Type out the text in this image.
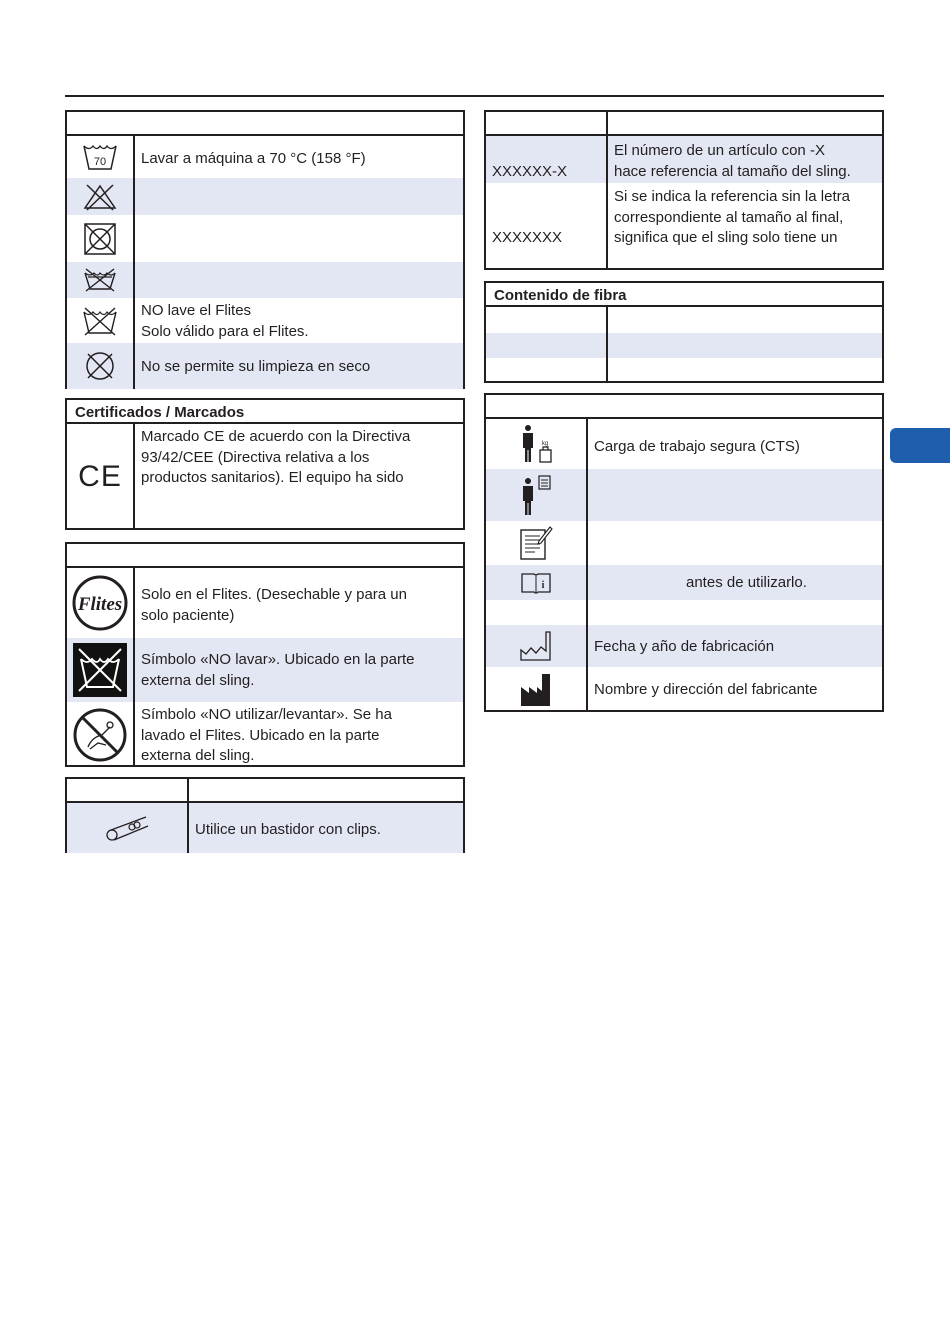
70 Lavar a máquina a 70 °C (158 °F)
NO lave el Flites
Solo válido para el Flites.
No se permite su limpieza en seco
Certificados / Marcados
CE
Marcado CE de acuerdo con la Directiva
93/42/CEE (Directiva relativa a los
productos sanitarios). El equipo ha sido
Flites Solo en el Flites. (Desechable y para un
solo paciente)
Símbolo «NO lavar». Ubicado en la parte
externa del sling.
Símbolo «NO utilizar/levantar». Se ha
lavado el Flites. Ubicado en la parte
externa del sling.
Utilice un bastidor con clips.
XXXXXX-X
El número de un artículo con -X
hace referencia al tamaño del sling.
XXXXXXX
Si se indica la referencia sin la letra
correspondiente al tamaño al final,
significa que el sling solo tiene un
Contenido de fibra
kg	Carga de trabajo segura (CTS)
i	antes de utilizarlo.
Fecha y año de fabricación
Nombre y dirección del fabricante
